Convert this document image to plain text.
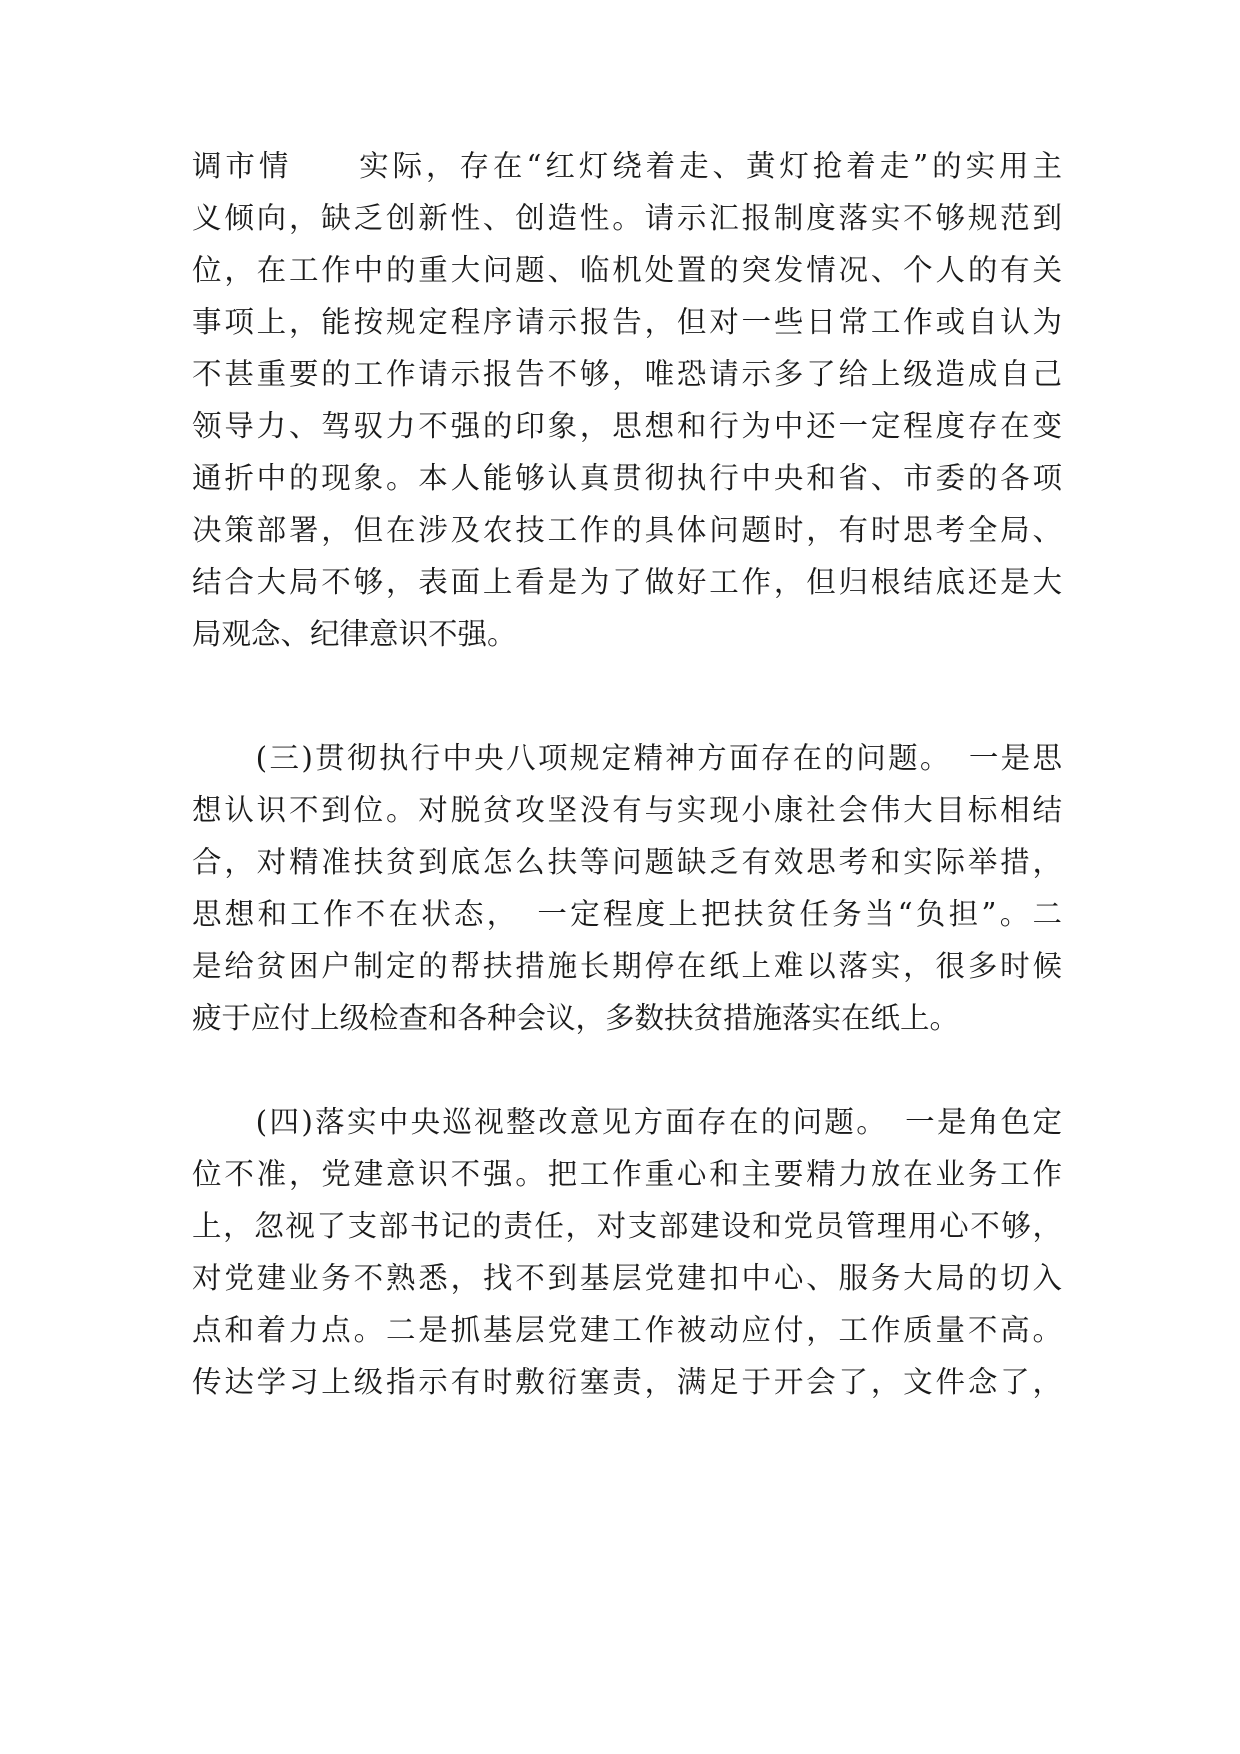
调市情　　实际，存在“红灯绕着走、黄灯抢着走”的实用主
义倾向，缺乏创新性、创造性。请示汇报制度落实不够规范到
位，在工作中的重大问题、临机处置的突发情况、个人的有关
事项上，能按规定程序请示报告，但对一些日常工作或自认为
不甚重要的工作请示报告不够，唯恐请示多了给上级造成自己
领导力、驾驭力不强的印象，思想和行为中还一定程度存在变
通折中的现象。本人能够认真贯彻执行中央和省、市委的各项
决策部署，但在涉及农技工作的具体问题时，有时思考全局、
结合大局不够，表面上看是为了做好工作，但归根结底还是大
局观念、纪律意识不强。
　　(三)贯彻执行中央八项规定精神方面存在的问题。　一是思
想认识不到位。对脱贫攻坚没有与实现小康社会伟大目标相结
合，对精准扶贫到底怎么扶等问题缺乏有效思考和实际举措，
思想和工作不在状态，　一定程度上把扶贫任务当“负担”。二
是给贫困户制定的帮扶措施长期停在纸上难以落实，很多时候
疲于应付上级检查和各种会议，多数扶贫措施落实在纸上。
　　(四)落实中央巡视整改意见方面存在的问题。　一是角色定
位不准，党建意识不强。把工作重心和主要精力放在业务工作
上，忽视了支部书记的责任，对支部建设和党员管理用心不够，
对党建业务不熟悉，找不到基层党建扣中心、服务大局的切入
点和着力点。二是抓基层党建工作被动应付，工作质量不高。
传达学习上级指示有时敷衍塞责，满足于开会了，文件念了，
